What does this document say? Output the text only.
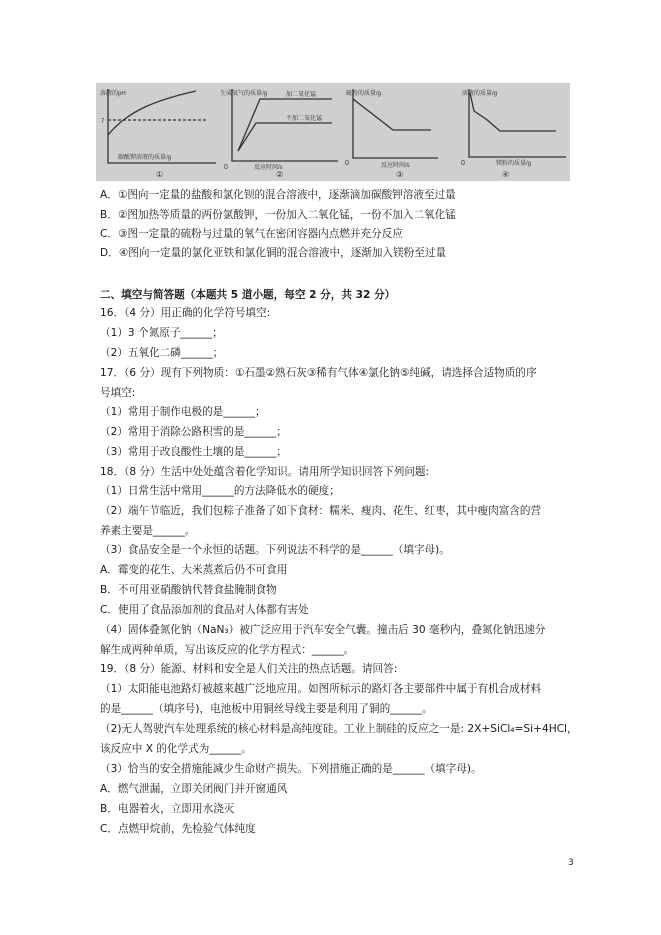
溶液的pH
7
碳酸钾溶液的质量/g
①
生成氧气的质量/g	加二氧化锰
不加二氧化锰
反应时间/s
0
②
硫粉的质量/g
反应时间/s
0
③
溶液的质量/g
镁粉的质量/g
0
④
A．①图向一定量的盐酸和氯化钡的混合溶液中，逐渐滴加碳酸钾溶液至过量
B．②图加热等质量的两份氯酸钾，一份加入二氧化锰，一份不加入二氧化锰
C．③图一定量的硫粉与过量的氧气在密闭容器内点燃并充分反应
D．④图向一定量的氯化亚铁和氯化铜的混合溶液中，逐渐加入镁粉至过量
二、填空与简答题（本题共 5 道小题，每空 2 分，共 32 分）
16．（4 分）用正确的化学符号填空:
（1）3 个氮原子______；
（2）五氧化二磷______；
17．（6 分）现有下列物质：①石墨②熟石灰③稀有气体④氯化钠⑤纯碱，请选择合适物质的序
号填空:
（1）常用于制作电极的是______；
（2）常用于消除公路积雪的是______；
（3）常用于改良酸性土壤的是______；
18．（8 分）生活中处处蕴含着化学知识。请用所学知识回答下列问题:
（1）日常生活中常用______的方法降低水的硬度；
（2）端午节临近，我们包粽子准备了如下食材：糯米、瘦肉、花生、红枣，其中瘦肉富含的营
养素主要是______。
（3）食品安全是一个永恒的话题。下列说法不科学的是______（填字母)。
A．霉变的花生、大米蒸煮后仍不可食用
B．不可用亚硝酸钠代替食盐腌制食物
C．使用了食品添加剂的食品对人体都有害处
（4）固体叠氮化钠（NaN₃）被广泛应用于汽车安全气囊。撞击后 30 毫秒内，叠氮化钠迅速分
解生成两种单质，写出该反应的化学方程式：______。
19．（8 分）能源、材料和安全是人们关注的热点话题。请回答:
（1）太阳能电池路灯被越来越广泛地应用。如图所标示的路灯各主要部件中属于有机合成材料
的是______（填序号)，电池板中用铜丝导线主要是利用了铜的______。
（2)无人驾驶汽车处理系统的核心材料是高纯度硅。工业上制硅的反应之一是: 2X+SiCl₄=Si+4HCl，
该反应中 X 的化学式为______。
（3）恰当的安全措施能减少生命财产损失。下列措施正确的是______（填字母)。
A．燃气泄漏，立即关闭阀门并开窗通风
B．电器着火，立即用水浇灭
C．点燃甲烷前，先检验气体纯度
3
